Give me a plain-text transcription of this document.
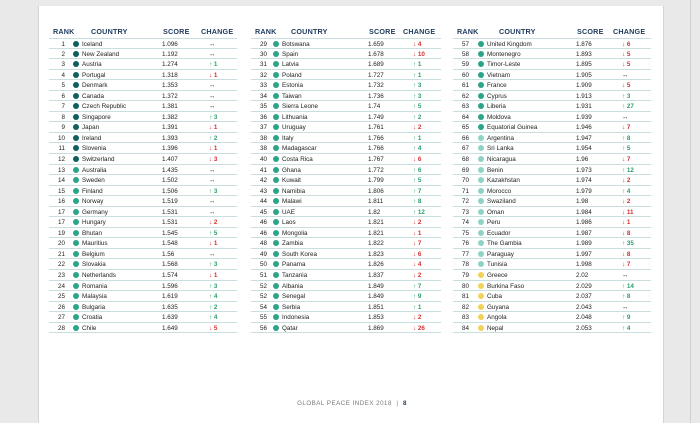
RANK COUNTRY	SCORE CHANGE
1	Iceland	1.096	↔
2	New Zealand	1.192	↔
3	Austria	1.274	↑ 1
4	Portugal	1.318	↓ 1
5	Denmark	1.353	↔
6	Canada	1.372	↔
7	Czech Republic	1.381	↔
8	Singapore	1.382	↑ 3
9	Japan	1.391	↓ 1
10	Ireland	1.393	↑ 2
11	Slovenia	1.396	↓ 1
12	Switzerland	1.407	↓ 3
13	Australia	1.435	↔
14	Sweden	1.502	↔
15	Finland	1.506	↑ 3
16	Norway	1.519	↔
17	Germany	1.531	↔
17	Hungary	1.531	↓ 2
19	Bhutan	1.545	↑ 5
20	Mauritius	1.548	↓ 1
21	Belgium	1.56	↔
22	Slovakia	1.568	↑ 3
23	Netherlands	1.574	↓ 1
24	Romania	1.596	↑ 3
25	Malaysia	1.619	↑ 4
26	Bulgaria	1.635	↑ 2
27	Croatia	1.639	↑ 4
28	Chile	1.649	↓ 5
RANK COUNTRY	SCORE CHANGE
29 Botswana	1.659	↓ 4
30 Spain	1.678	↓ 10
31 Latvia	1.689	↑ 1
32 Poland	1.727	↑ 1
33 Estonia	1.732	↑ 3
34 Taiwan	1.736	↑ 3
35 Sierra Leone	1.74	↑ 5
36 Lithuania	1.749	↑ 2
37 Uruguay	1.761	↓ 2
38 Italy	1.766	↑ 1
38 Madagascar	1.766	↑ 4
40 Costa Rica	1.767	↓ 6
41 Ghana	1.772	↑ 6
42 Kuwait	1.799	↑ 5
43 Namibia	1.806	↑ 7
44 Malawi	1.811	↑ 8
45 UAE	1.82	↑ 12
46 Laos	1.821	↓ 2
46 Mongolia	1.821	↓ 1
48 Zambia	1.822	↓ 7
49 South Korea	1.823	↓ 6
50 Panama	1.826	↓ 4
51 Tanzania	1.837	↓ 2
52 Albania	1.849	↑ 7
52 Senegal	1.849	↑ 9
54 Serbia	1.851	↑ 1
55 Indonesia	1.853	↓ 2
56 Qatar	1.869	↓ 26
RANK	COUNTRY	SCORE CHANGE
57	United Kingdom	1.876	↓ 6
58	Montenegro	1.893	↓ 5
59	Timor-Leste	1.895	↓ 5
60	Vietnam	1.905	↔
61	France	1.909	↓ 5
62	Cyprus	1.913	↑ 3
63	Liberia	1.931	↑ 27
64	Moldova	1.939	↔
65	Equatorial Guinea	1.946	↓ 7
66	Argentina	1.947	↑ 8
67	Sri Lanka	1.954	↑ 5
68	Nicaragua	1.96	↓ 7
69	Benin	1.973	↑ 12
70	Kazakhstan	1.974	↓ 2
71	Morocco	1.979	↑ 4
72	Swaziland	1.98	↓ 2
73	Oman	1.984	↓ 11
74	Peru	1.986	↓ 1
75	Ecuador	1.987	↓ 8
76	The Gambia	1.989	↑ 35
77	Paraguay	1.997	↓ 8
78	Tunisia	1.998	↓ 7
79	Greece	2.02	↔
80	Burkina Faso	2.029	↑ 14
81	Cuba	2.037	↑ 8
82	Guyana	2.043	↔
83	Angola	2.048	↑ 9
84	Nepal	2.053	↑ 4
GLOBAL PEACE INDEX 2018 | 8
